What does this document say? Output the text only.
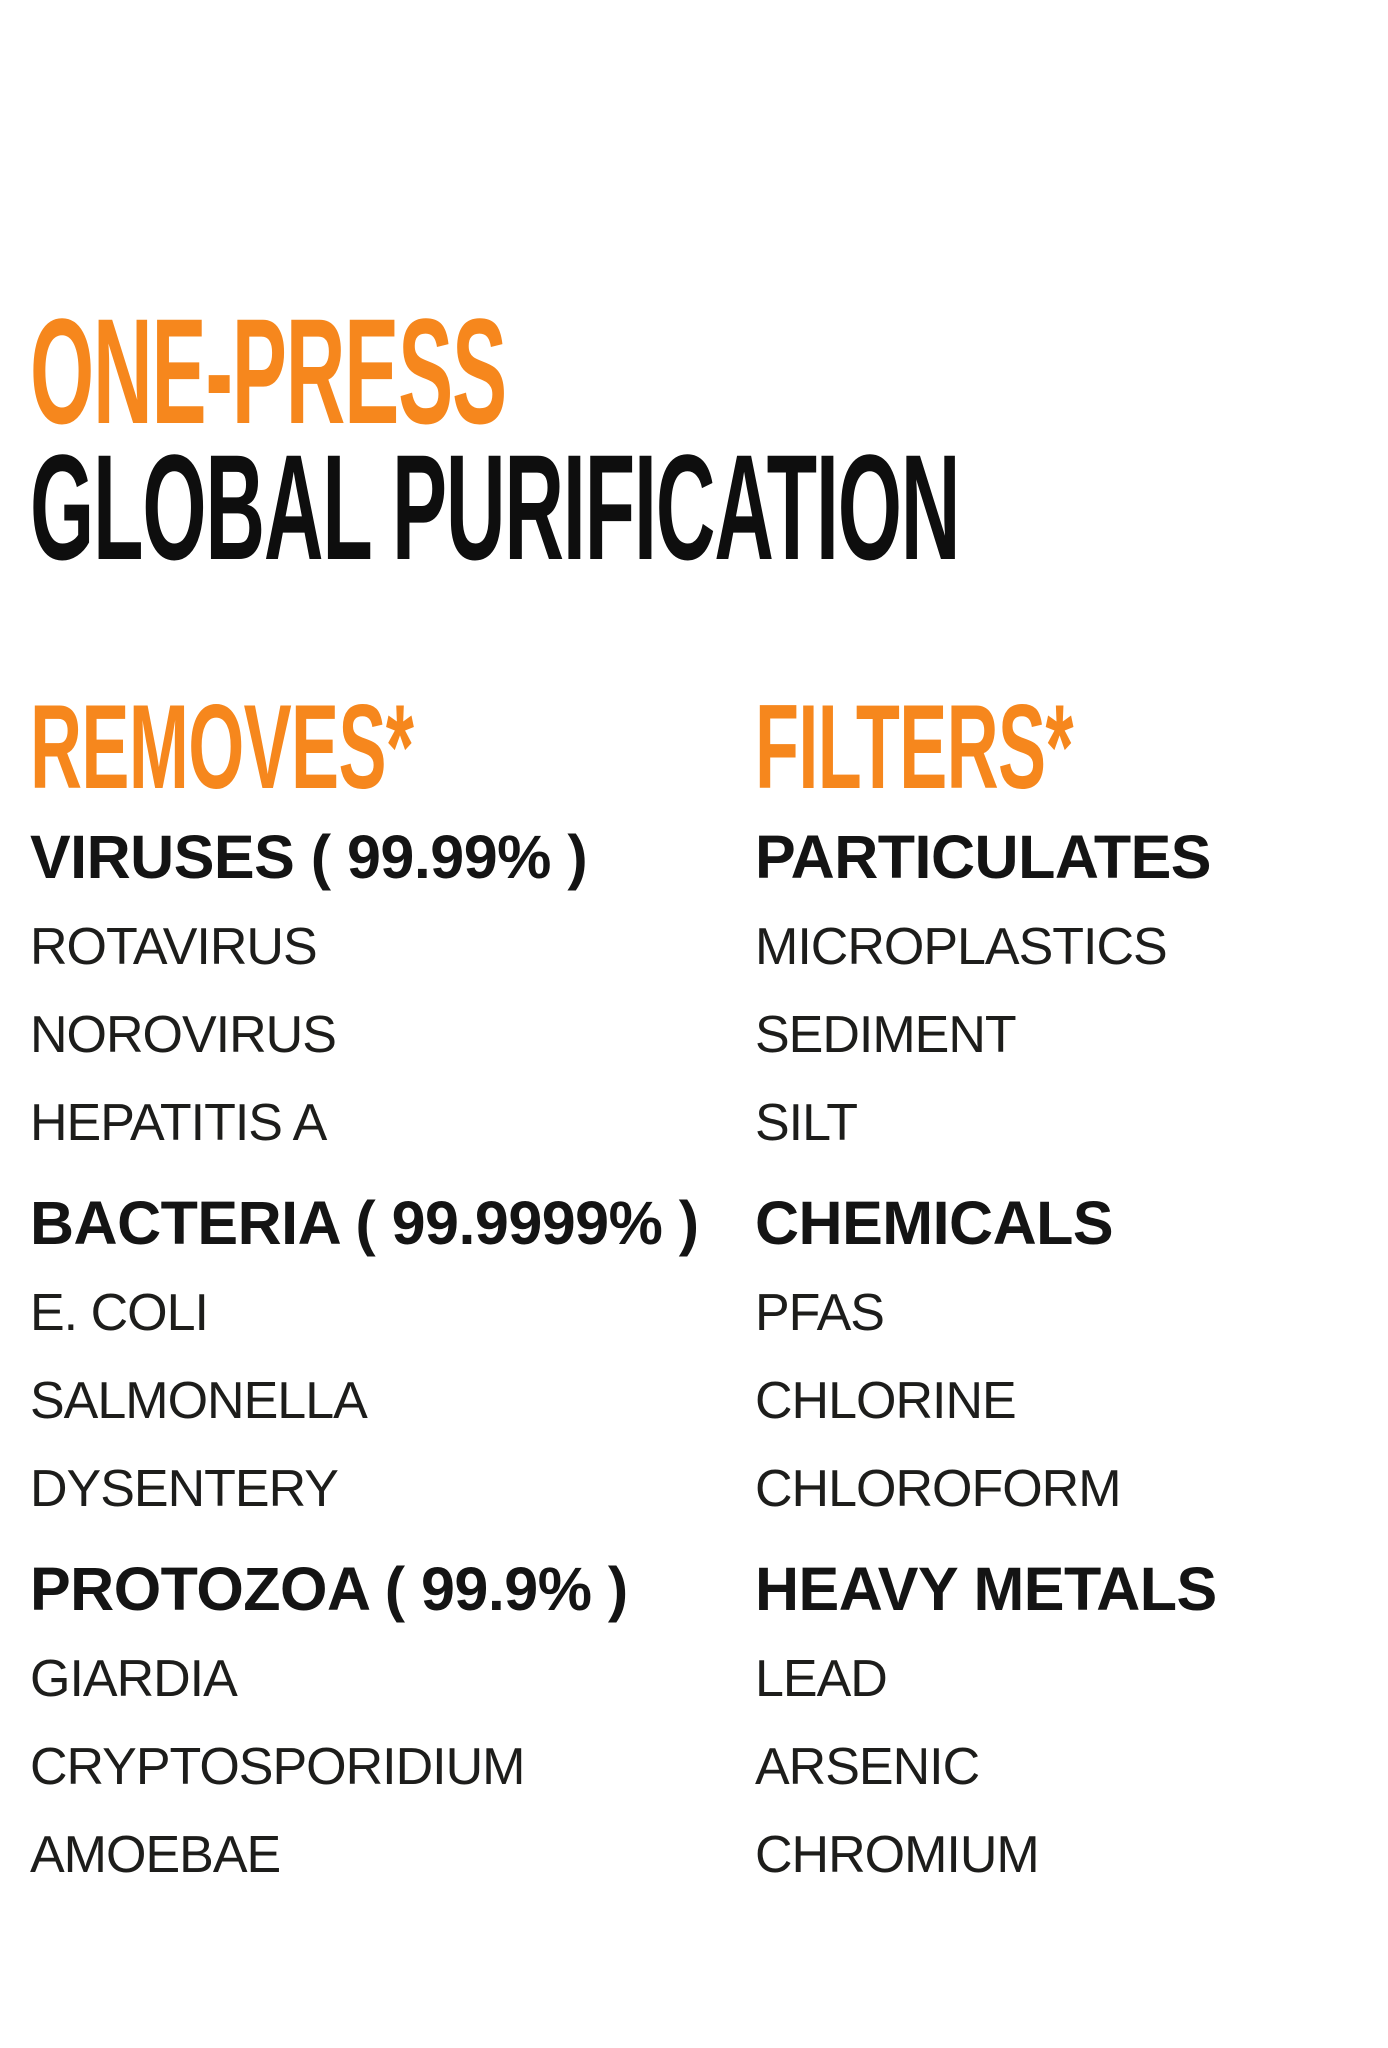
ONE-PRESS
GLOBAL PURIFICATION
REMOVES*	FILTERS*
VIRUSES ( 99.99% )
ROTAVIRUS
NOROVIRUS
HEPATITIS A
BACTERIA ( 99.9999% )
E. COLI
SALMONELLA
DYSENTERY
PROTOZOA ( 99.9% )
GIARDIA
CRYPTOSPORIDIUM
AMOEBAE
PARTICULATES
MICROPLASTICS
SEDIMENT
SILT
CHEMICALS
PFAS
CHLORINE
CHLOROFORM
HEAVY METALS
LEAD
ARSENIC
CHROMIUM
